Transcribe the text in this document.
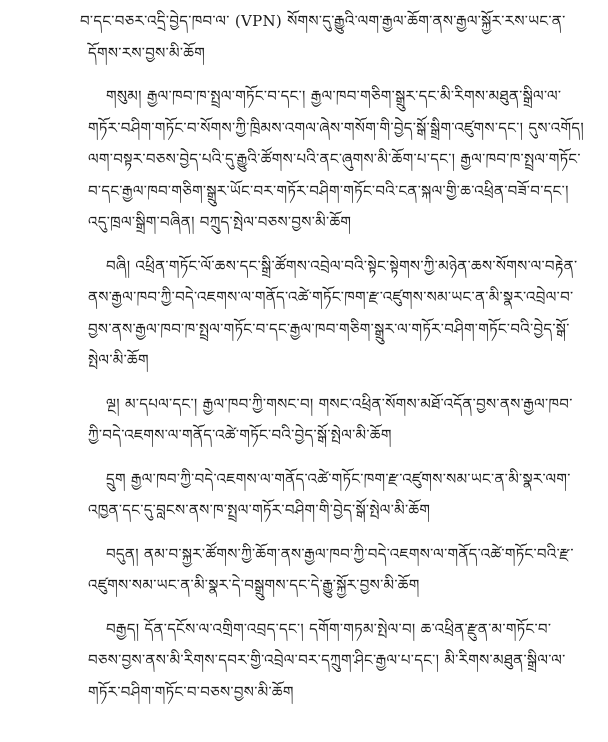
བ་དང་བཅར་འདྲི་བྱེད་ཁབ་ལ་ (VPN) སོགས་དུ་རྒྱུའི་ལག་རྒྱལ་ཆོག་ནས་རྒྱལ་སྐྱོར་རས་ཡང་ན་དོགས་རས་བྱས་མི་ཆོག

གསུམ། རྒྱལ་ཁབ་ཁ་སྤྲལ་གཏོང་བ་དང་། རྒྱལ་ཁབ་གཅིག་སྒྲུར་དང་མི་རིགས་མཐུན་སྒྲིལ་ལ་གཏོར་བཤིག་གཏོང་བ་སོགས་ཀྱི་ཁྲིམས་འགལ་ཞེས་གསོག་གི་བྱེད་སྒོ་སྒྲིག་འཛུགས་དང་། དུས་འགོད། ལག་བསྟར་བཅས་བྱེད་པའི་དུ་རྒྱུའི་ཚོགས་པའི་ནང་ཞུགས་མི་ཆོག་པ་དང་། རྒྱལ་ཁབ་ཁ་སྤྲལ་གཏོང་བ་དང་རྒྱལ་ཁབ་གཅིག་སྒྲུར་ཡོང་བར་གཏོར་བཤིག་གཏོང་བའི་ངན་སྐལ་གྱི་ཆ་འཕྲིན་བཟོ་བ་དང་། འདུ་ཁྲལ་སྒྲིག་བཞིན། བཀྲུད་སྤེལ་བཅས་བྱས་མི་ཆོག

བཞི། འཕྲིན་གཏོང་ལོ་ཆས་དང་སྒྲི་ཚོགས་འབྲེལ་བའི་སྟེང་སྟེགས་ཀྱི་མཉེན་ཆས་སོགས་ལ་བརྟེན་ནས་རྒྱལ་ཁབ་ཀྱི་བདེ་འཇགས་ལ་གནོད་འཚེ་གཏོང་ཁག་རྫ་འཛུགས་སམ་ཡང་ན་མི་སྣར་འབྲེལ་བ་བྱས་ནས་རྒྱལ་ཁབ་ཁ་སྤྲལ་གཏོང་བ་དང་རྒྱལ་ཁབ་གཅིག་སྒྲུར་ལ་གཏོར་བཤིག་གཏོང་བའི་བྱེད་སྒོ་སྤེལ་མི་ཆོག

ལྔ། མ་དཔལ་དང་། རྒྱལ་ཁབ་ཀྱི་གསང་བ། གསང་འཕྲིན་སོགས་མཐོ་འདོན་བྱས་ནས་རྒྱལ་ཁབ་ཀྱི་བདེ་འཇགས་ལ་གནོད་འཚེ་གཏོང་བའི་བྱེད་སྒོ་སྤེལ་མི་ཆོག

དྲུག རྒྱལ་ཁབ་ཀྱི་བདེ་འཇགས་ལ་གནོད་འཚེ་གཏོང་ཁག་རྫ་འཛུགས་སམ་ཡང་ན་མི་སྣར་ལག་འཁྱན་དང་དུ་བླངས་ནས་ཁ་སྤྲལ་གཏོར་བཤིག་གི་བྱེད་སྒོ་སྤེལ་མི་ཆོག

བདུན། ནམ་བ་སྐྱར་ཚོགས་ཀྱི་ཆོག་ནས་རྒྱལ་ཁབ་ཀྱི་བདེ་འཇགས་ལ་གནོད་འཚེ་གཏོང་བའི་རྫ་འཛུགས་སམ་ཡང་ན་མི་སྣར་དེ་བསྒྲུགས་དང་དེ་རྒྱུ་སྐྱོར་བྱས་མི་ཆོག

བརྒྱད། དོན་དངོས་ལ་འགྲིག་འབྲད་དང་། དགོག་གཏམ་སྤེལ་བ། ཆ་འཕྲིན་རྫུན་མ་གཏོང་བ་བཅས་བྱས་ནས་མི་རིགས་དབར་གྱི་འབྲེལ་བར་དཀྲུག་ཤིང་རྒྱལ་པ་དང་། མི་རིགས་མཐུན་སྒྲིལ་ལ་གཏོར་བཤིག་གཏོང་བ་བཅས་བྱས་མི་ཆོག
